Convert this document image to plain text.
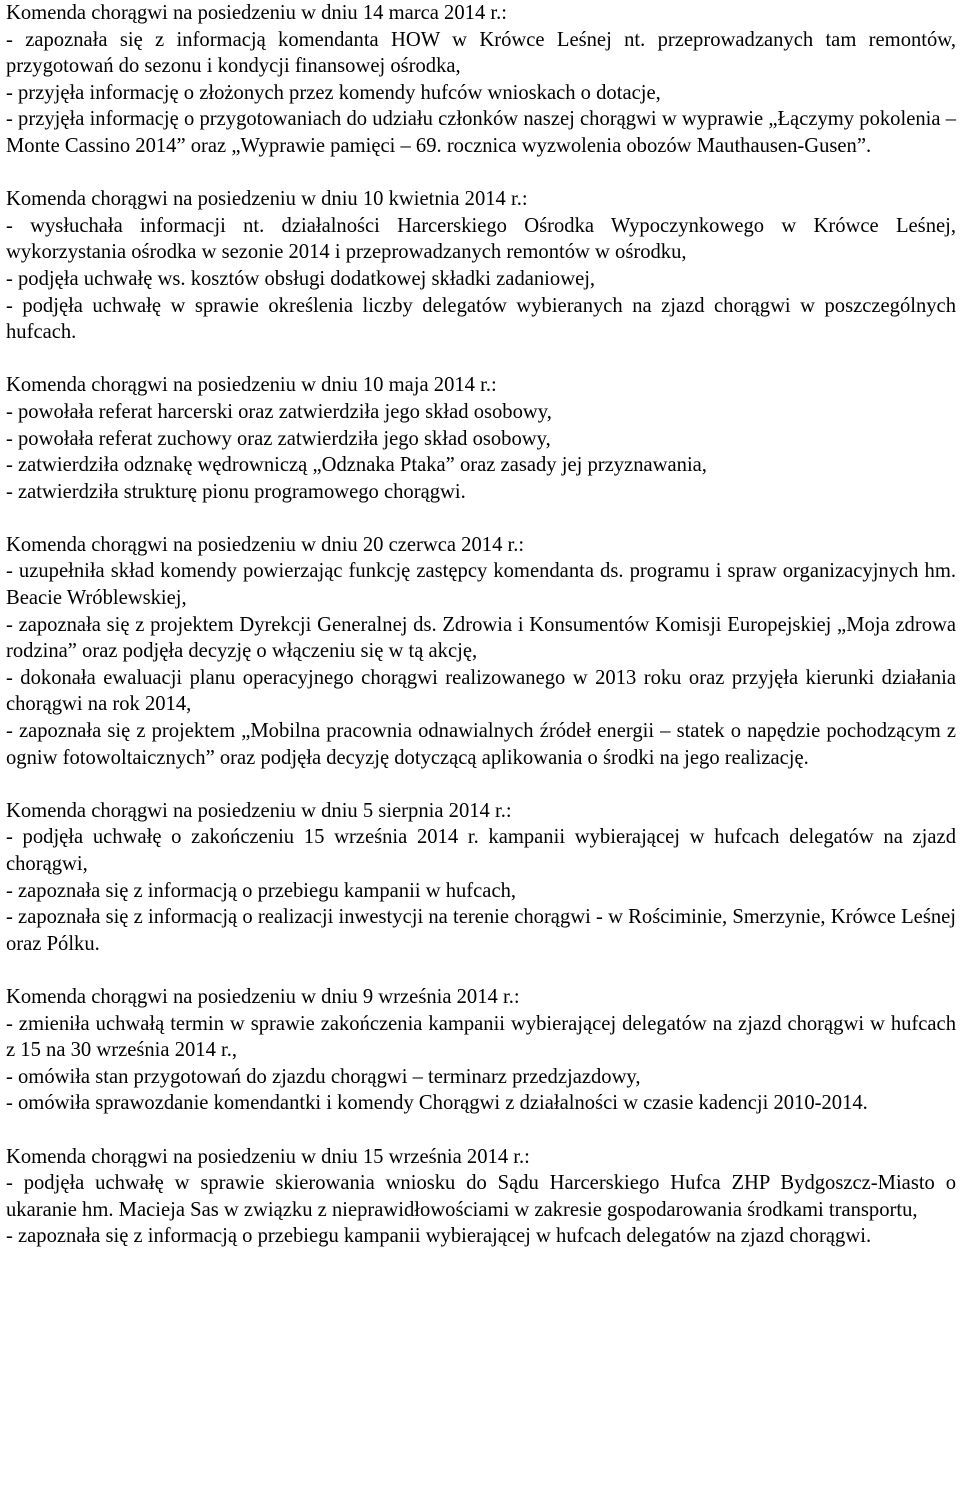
Komenda chorągwi na posiedzeniu w dniu 14 marca 2014 r.:

- zapoznała się z informacją komendanta HOW w Krówce Leśnej nt. przeprowadzanych tam remontów, przygotowań do sezonu i kondycji finansowej ośrodka,

- przyjęła informację o złożonych przez komendy hufców wnioskach o dotacje,

- przyjęła informację o przygotowaniach do udziału członków naszej chorągwi w wyprawie „Łączymy pokolenia – Monte Cassino 2014” oraz „Wyprawie pamięci – 69. rocznica wyzwolenia obozów Mauthausen-Gusen”.

Komenda chorągwi na posiedzeniu w dniu 10 kwietnia 2014 r.:

- wysłuchała informacji nt. działalności Harcerskiego Ośrodka Wypoczynkowego w Krówce Leśnej, wykorzystania ośrodka w sezonie 2014 i przeprowadzanych remontów w ośrodku,

- podjęła uchwałę ws. kosztów obsługi dodatkowej składki zadaniowej,

- podjęła uchwałę w sprawie określenia liczby delegatów wybieranych na zjazd chorągwi w poszczególnych hufcach.

Komenda chorągwi na posiedzeniu w dniu 10 maja 2014 r.:

- powołała referat harcerski oraz zatwierdziła jego skład osobowy,

- powołała referat zuchowy oraz zatwierdziła jego skład osobowy,

- zatwierdziła odznakę wędrowniczą „Odznaka Ptaka” oraz zasady jej przyznawania,

- zatwierdziła strukturę pionu programowego chorągwi.

Komenda chorągwi na posiedzeniu w dniu 20 czerwca 2014 r.:

- uzupełniła skład komendy powierzając funkcję zastępcy komendanta ds. programu i spraw organizacyjnych hm. Beacie Wróblewskiej,

- zapoznała się z projektem Dyrekcji Generalnej ds. Zdrowia i Konsumentów Komisji Europejskiej „Moja zdrowa rodzina” oraz podjęła decyzję o włączeniu się w tą akcję,

- dokonała ewaluacji planu operacyjnego chorągwi realizowanego w 2013 roku oraz przyjęła kierunki działania chorągwi na rok 2014,

- zapoznała się z projektem „Mobilna pracownia odnawialnych źródeł energii – statek o napędzie pochodzącym z ogniw fotowoltaicznych” oraz podjęła decyzję dotyczącą aplikowania o środki na jego realizację.

Komenda chorągwi na posiedzeniu w dniu 5 sierpnia 2014 r.:

- podjęła uchwałę o zakończeniu 15 września 2014 r. kampanii wybierającej w hufcach delegatów na zjazd chorągwi,

- zapoznała się z informacją o przebiegu kampanii w hufcach,

- zapoznała się z informacją o realizacji inwestycji na terenie chorągwi - w Rościminie, Smerzynie, Krówce Leśnej oraz Pólku.

Komenda chorągwi na posiedzeniu w dniu 9 września 2014 r.:

- zmieniła uchwałą termin w sprawie zakończenia kampanii wybierającej delegatów na zjazd chorągwi w hufcach z 15 na 30 września 2014 r.,

- omówiła stan przygotowań do zjazdu chorągwi – terminarz przedzjazdowy,

- omówiła sprawozdanie komendantki i komendy Chorągwi z działalności w czasie kadencji 2010-2014.

Komenda chorągwi na posiedzeniu w dniu 15 września 2014 r.:

- podjęła uchwałę w sprawie skierowania wniosku do Sądu Harcerskiego Hufca ZHP Bydgoszcz-Miasto o ukaranie hm. Macieja Sas w związku z nieprawidłowościami w zakresie gospodarowania środkami transportu,

- zapoznała się z informacją o przebiegu kampanii wybierającej w hufcach delegatów na zjazd chorągwi.
